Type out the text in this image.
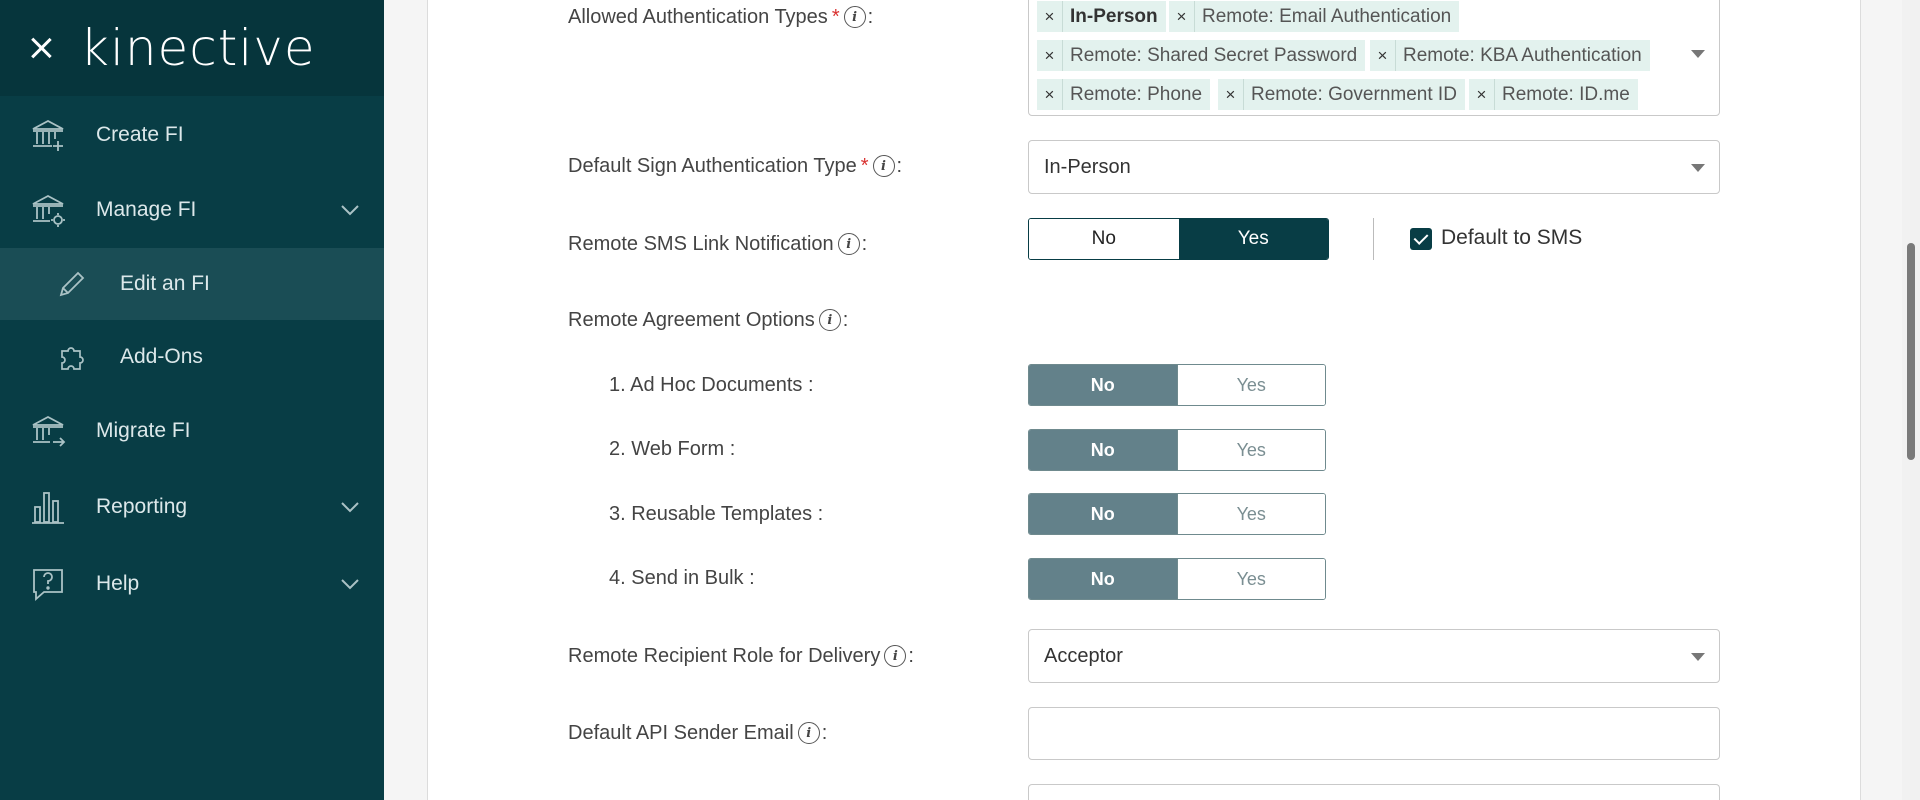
kinective
Create FI
Manage FI
Edit an FI
Add-Ons
Migrate FI
Reporting
Help
Allowed Authentication Types * i :	× In-Person	× Remote: Email Authentication
× Remote: Shared Secret Password	× Remote: KBA Authentication
× Remote: Phone	× Remote: Government ID	× Remote: ID.me
Default Sign Authentication Type * i :	In-Person
Remote SMS Link Notification i :	No	Yes	Default to SMS
Remote Agreement Options i :
1. Ad Hoc Documents :	No	Yes
2. Web Form :	No	Yes
3. Reusable Templates :	No	Yes
4. Send in Bulk :	No	Yes
Remote Recipient Role for Delivery i :	Acceptor
Default API Sender Email i :
